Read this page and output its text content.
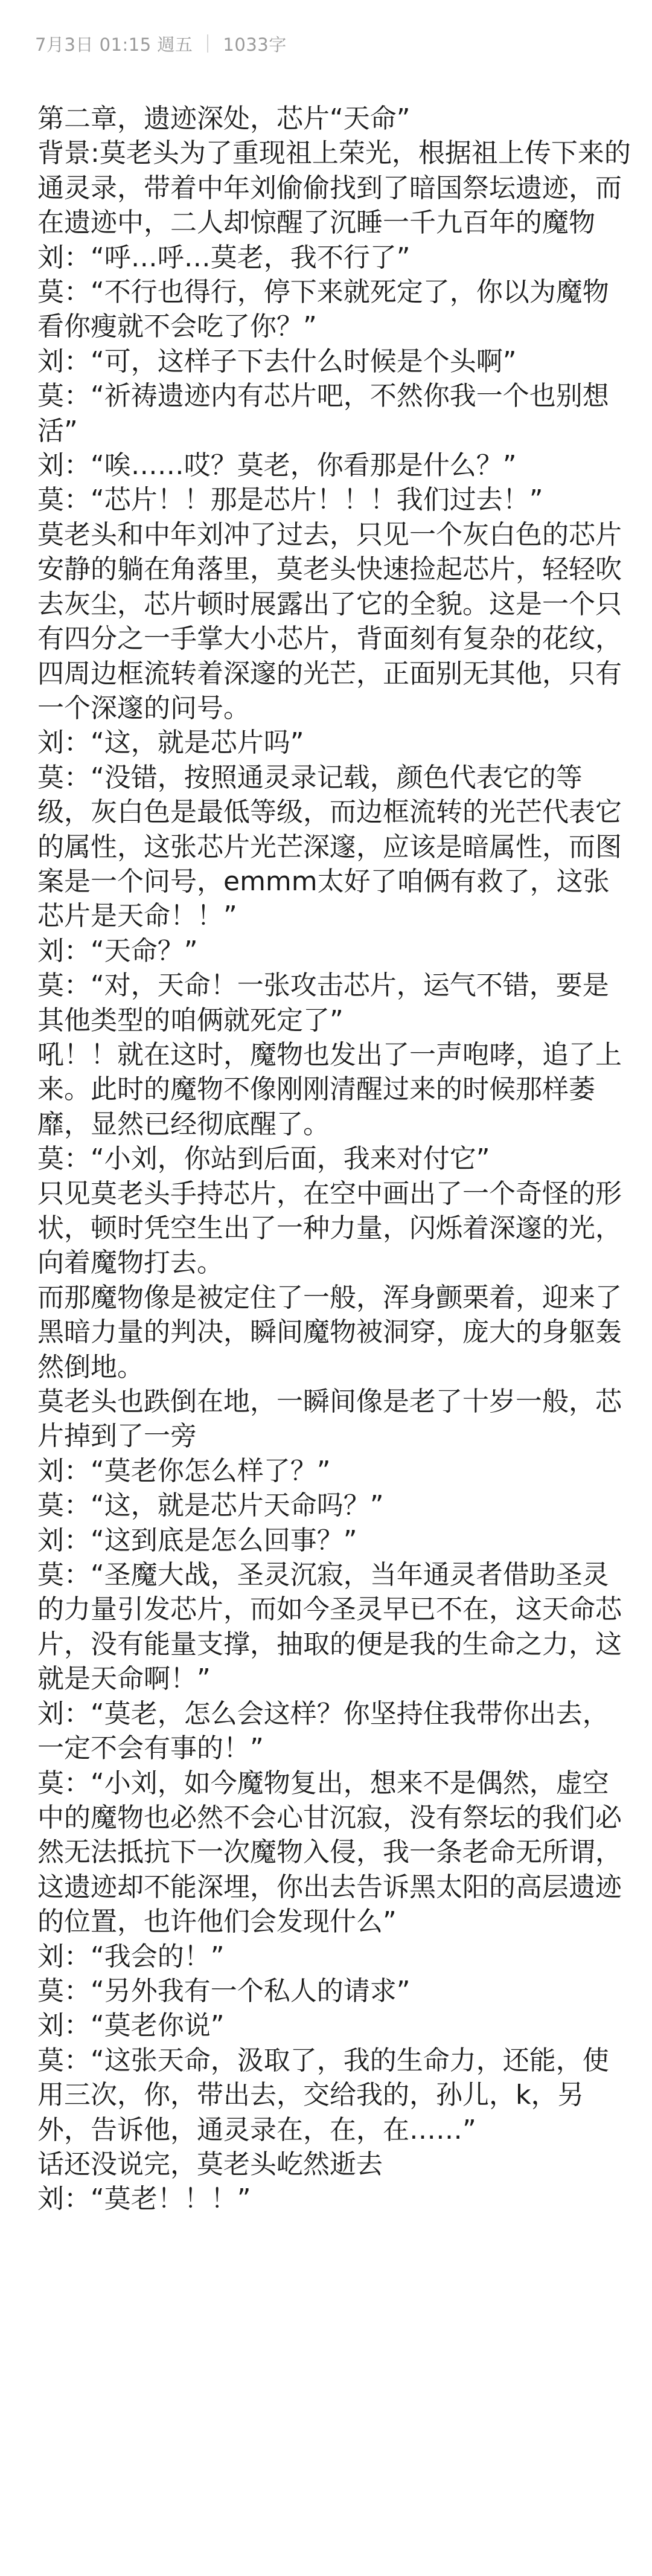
7月3日 01:15 週五 1033字

第二章，遗迹深处，芯片“天命”

背景:莫老头为了重现祖上荣光，根据祖上传下来的通灵录，带着中年刘偷偷找到了暗国祭坛遗迹，而在遗迹中，二人却惊醒了沉睡一千九百年的魔物

刘：“呼…呼…莫老，我不行了”

莫：“不行也得行，停下来就死定了，你以为魔物看你瘦就不会吃了你？”

刘：“可，这样子下去什么时候是个头啊”

莫：“祈祷遗迹内有芯片吧，不然你我一个也别想活”

刘：“唉……哎？莫老，你看那是什么？”

莫：“芯片！！那是芯片！！！我们过去！”

莫老头和中年刘冲了过去，只见一个灰白色的芯片安静的躺在角落里，莫老头快速捡起芯片，轻轻吹去灰尘，芯片顿时展露出了它的全貌。这是一个只有四分之一手掌大小芯片，背面刻有复杂的花纹，四周边框流转着深邃的光芒，正面别无其他，只有一个深邃的问号。

刘：“这，就是芯片吗”

莫：“没错，按照通灵录记载，颜色代表它的等级，灰白色是最低等级，而边框流转的光芒代表它的属性，这张芯片光芒深邃，应该是暗属性，而图案是一个问号，emmm太好了咱俩有救了，这张芯片是天命！！”

刘：“天命？”

莫：“对，天命！一张攻击芯片，运气不错，要是其他类型的咱俩就死定了”

吼！！就在这时，魔物也发出了一声咆哮，追了上来。此时的魔物不像刚刚清醒过来的时候那样萎靡，显然已经彻底醒了。

莫：“小刘，你站到后面，我来对付它”

只见莫老头手持芯片，在空中画出了一个奇怪的形状，顿时凭空生出了一种力量，闪烁着深邃的光，向着魔物打去。

而那魔物像是被定住了一般，浑身颤栗着，迎来了黑暗力量的判决，瞬间魔物被洞穿，庞大的身躯轰然倒地。

莫老头也跌倒在地，一瞬间像是老了十岁一般，芯片掉到了一旁

刘：“莫老你怎么样了？”

莫：“这，就是芯片天命吗？”

刘：“这到底是怎么回事？”

莫：“圣魔大战，圣灵沉寂，当年通灵者借助圣灵的力量引发芯片，而如今圣灵早已不在，这天命芯片，没有能量支撑，抽取的便是我的生命之力，这就是天命啊！”

刘：“莫老，怎么会这样？你坚持住我带你出去，一定不会有事的！”

莫：“小刘，如今魔物复出，想来不是偶然，虚空中的魔物也必然不会心甘沉寂，没有祭坛的我们必然无法抵抗下一次魔物入侵，我一条老命无所谓，这遗迹却不能深埋，你出去告诉黑太阳的高层遗迹的位置，也许他们会发现什么”

刘：“我会的！”

莫：“另外我有一个私人的请求”

刘：“莫老你说”

莫：“这张天命，汲取了，我的生命力，还能，使用三次，你，带出去，交给我的，孙儿，k，另外，告诉他，通灵录在，在，在……”

话还没说完，莫老头屹然逝去

刘：“莫老！！！”
